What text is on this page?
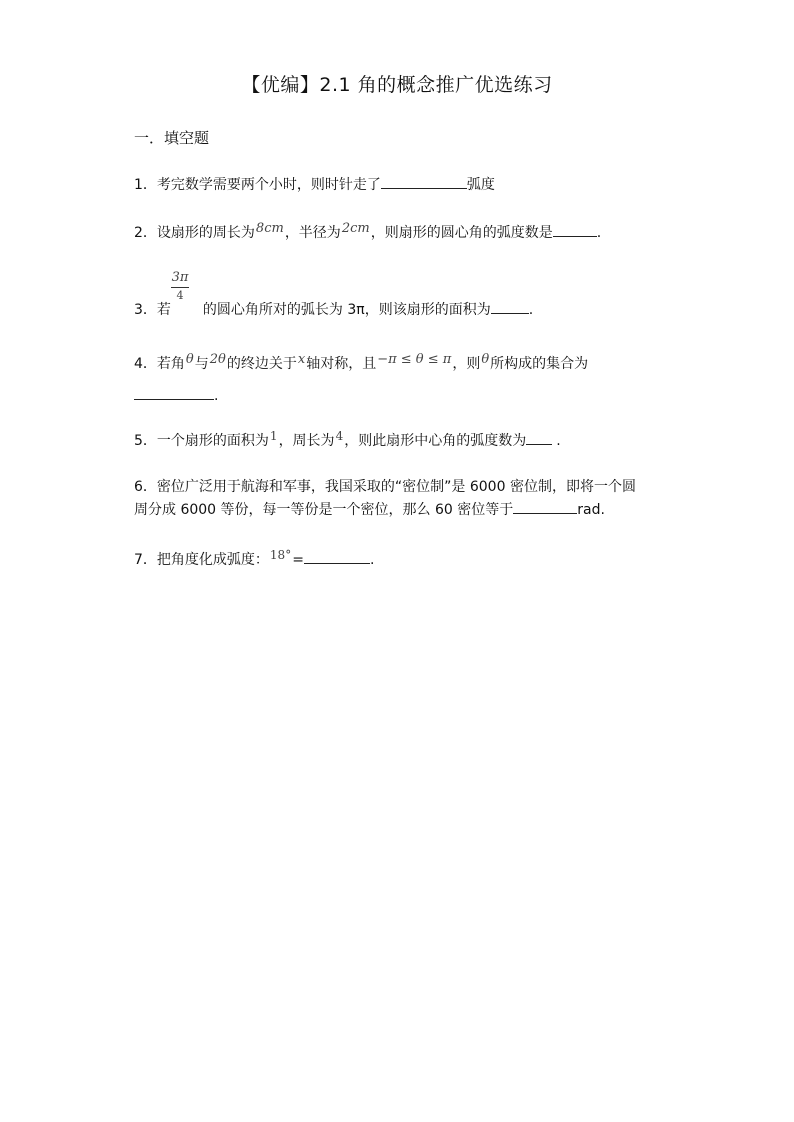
【优编】2.1 角的概念推广优选练习
一．填空题
1．考完数学需要两个小时，则时针走了	弧度
2．设扇形的周长为8cm，半径为2cm，则扇形的圆心角的弧度数是	.
3π
4
3．若 的圆心角所对的弧长为 3π，则该扇形的面积为	.
4．若角θ与2θ的终边关于x轴对称，且−π ≤ θ ≤ π，则θ所构成的集合为
.
5．一个扇形的面积为1，周长为4，则此扇形中心角的弧度数为 .
6．密位广泛用于航海和军事，我国采取的“密位制”是 6000 密位制，即将一个圆
周分成 6000 等份，每一等份是一个密位，那么 60 密位等于	rad.
7．把角度化成弧度：18°=	.
